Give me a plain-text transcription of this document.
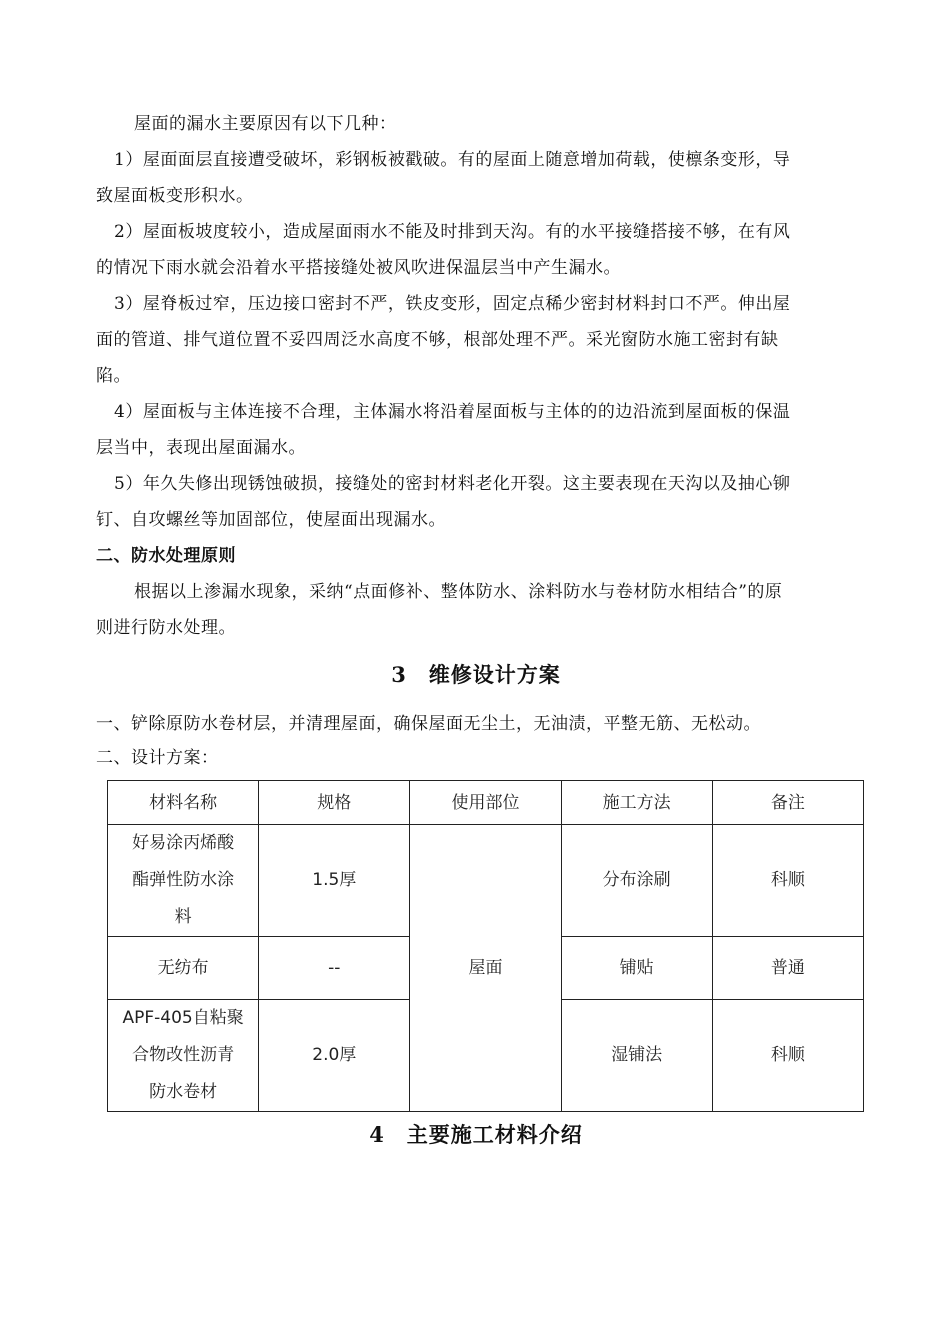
屋面的漏水主要原因有以下几种：
1）屋面面层直接遭受破坏，彩钢板被戳破。有的屋面上随意增加荷载，使檩条变形，导
致屋面板变形积水。
2）屋面板坡度较小，造成屋面雨水不能及时排到天沟。有的水平接缝搭接不够，在有风
的情况下雨水就会沿着水平搭接缝处被风吹进保温层当中产生漏水。
3）屋脊板过窄，压边接口密封不严，铁皮变形，固定点稀少密封材料封口不严。伸出屋
面的管道、排气道位置不妥四周泛水高度不够，根部处理不严。采光窗防水施工密封有缺
陷。
4）屋面板与主体连接不合理，主体漏水将沿着屋面板与主体的的边沿流到屋面板的保温
层当中，表现出屋面漏水。
5）年久失修出现锈蚀破损，接缝处的密封材料老化开裂。这主要表现在天沟以及抽心铆
钉、自攻螺丝等加固部位，使屋面出现漏水。
二、防水处理原则
根据以上渗漏水现象，采纳“点面修补、整体防水、涂料防水与卷材防水相结合”的原
则进行防水处理。
3　维修设计方案
一、铲除原防水卷材层，并清理屋面，确保屋面无尘土，无油渍，平整无筋、无松动。
二、设计方案：
材料名称	规格	使用部位	施工方法	备注

好易涂丙烯酸
酯弹性防水涂
料	1.5厚	屋面	分布涂刷	科顺

无纺布	--		铺贴	普通

APF-405自粘聚
合物改性沥青
防水卷材	2.0厚		湿铺法	科顺
4　主要施工材料介绍
